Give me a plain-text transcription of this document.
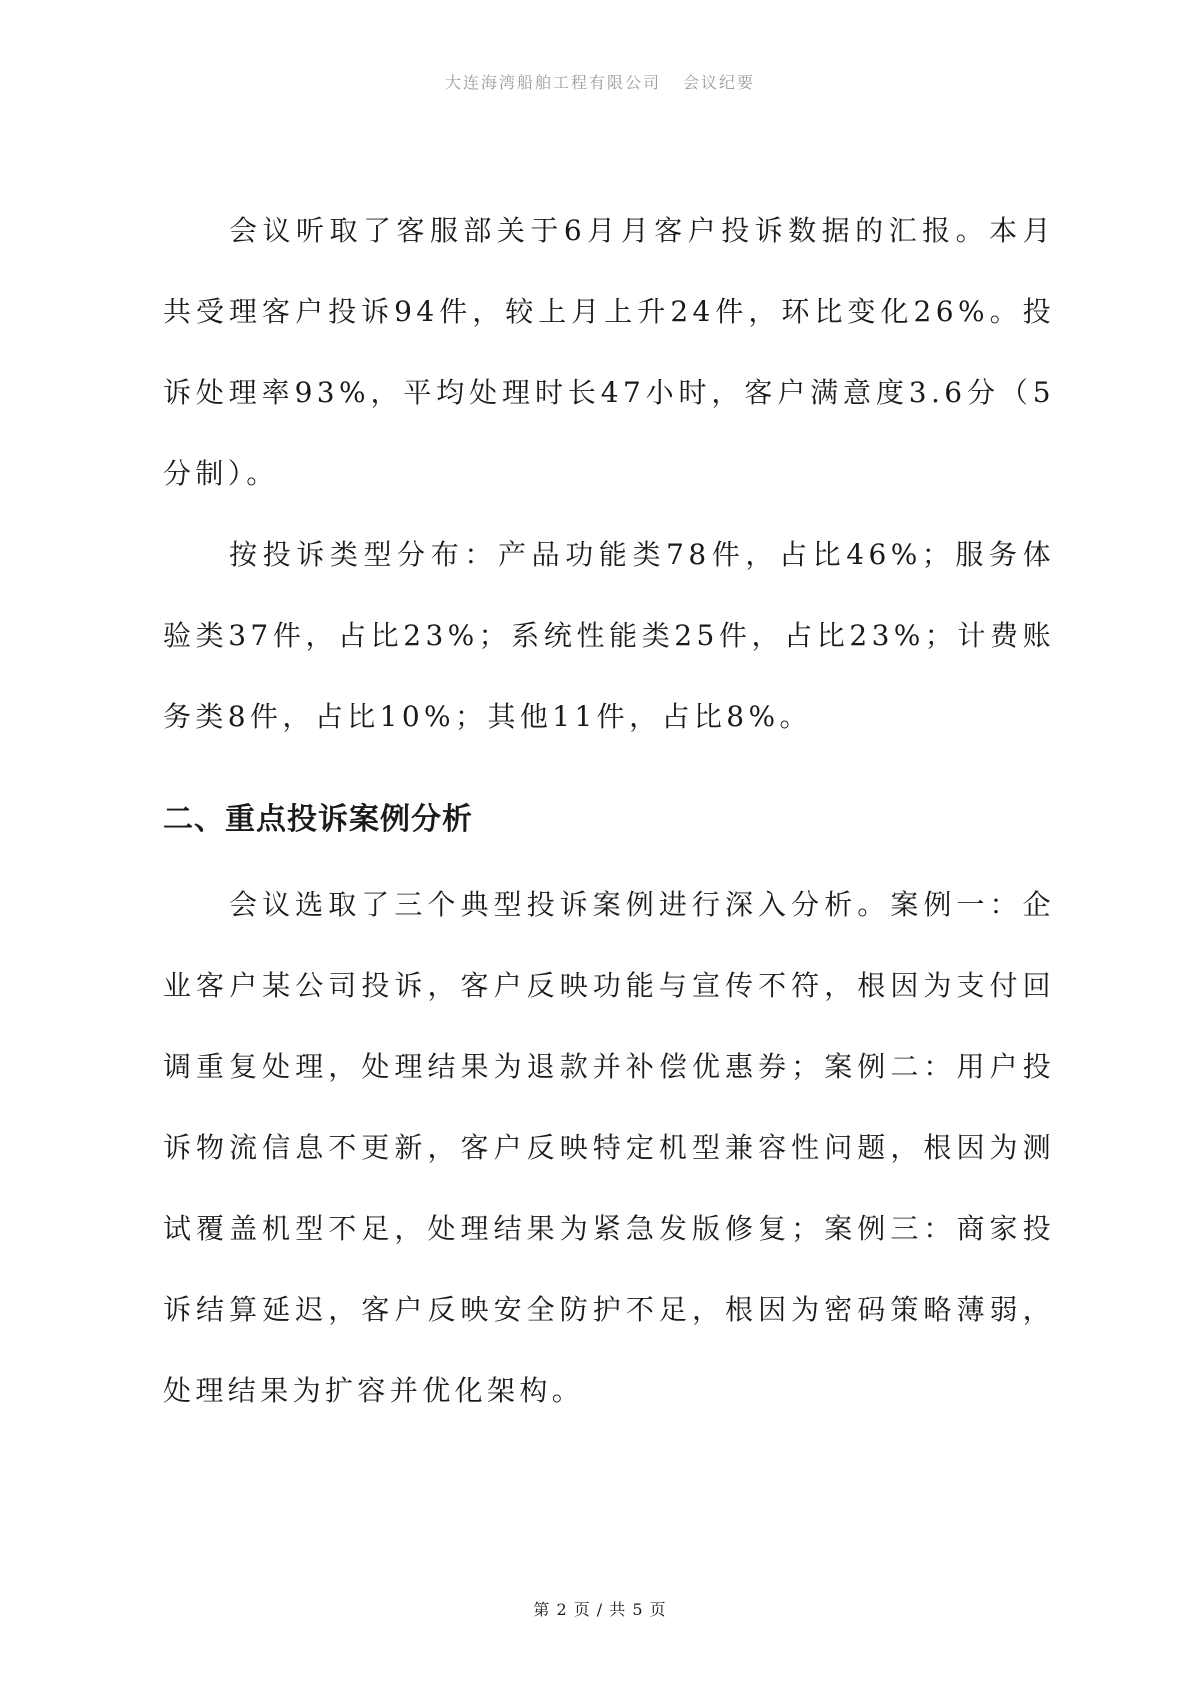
大连海湾船舶工程有限公司 会议纪要

会议听取了客服部关于6月月客户投诉数据的汇报。本月共受理客户投诉94件，较上月上升24件，环比变化26%。投诉处理率93%，平均处理时长47小时，客户满意度3.6分（5分制）。

按投诉类型分布：产品功能类78件，占比46%；服务体验类37件，占比23%；系统性能类25件，占比23%；计费账务类8件，占比10%；其他11件，占比8%。

二、重点投诉案例分析

会议选取了三个典型投诉案例进行深入分析。案例一：企业客户某公司投诉，客户反映功能与宣传不符，根因为支付回调重复处理，处理结果为退款并补偿优惠券；案例二：用户投诉物流信息不更新，客户反映特定机型兼容性问题，根因为测试覆盖机型不足，处理结果为紧急发版修复；案例三：商家投诉结算延迟，客户反映安全防护不足，根因为密码策略薄弱，处理结果为扩容并优化架构。

第 2 页 / 共 5 页
